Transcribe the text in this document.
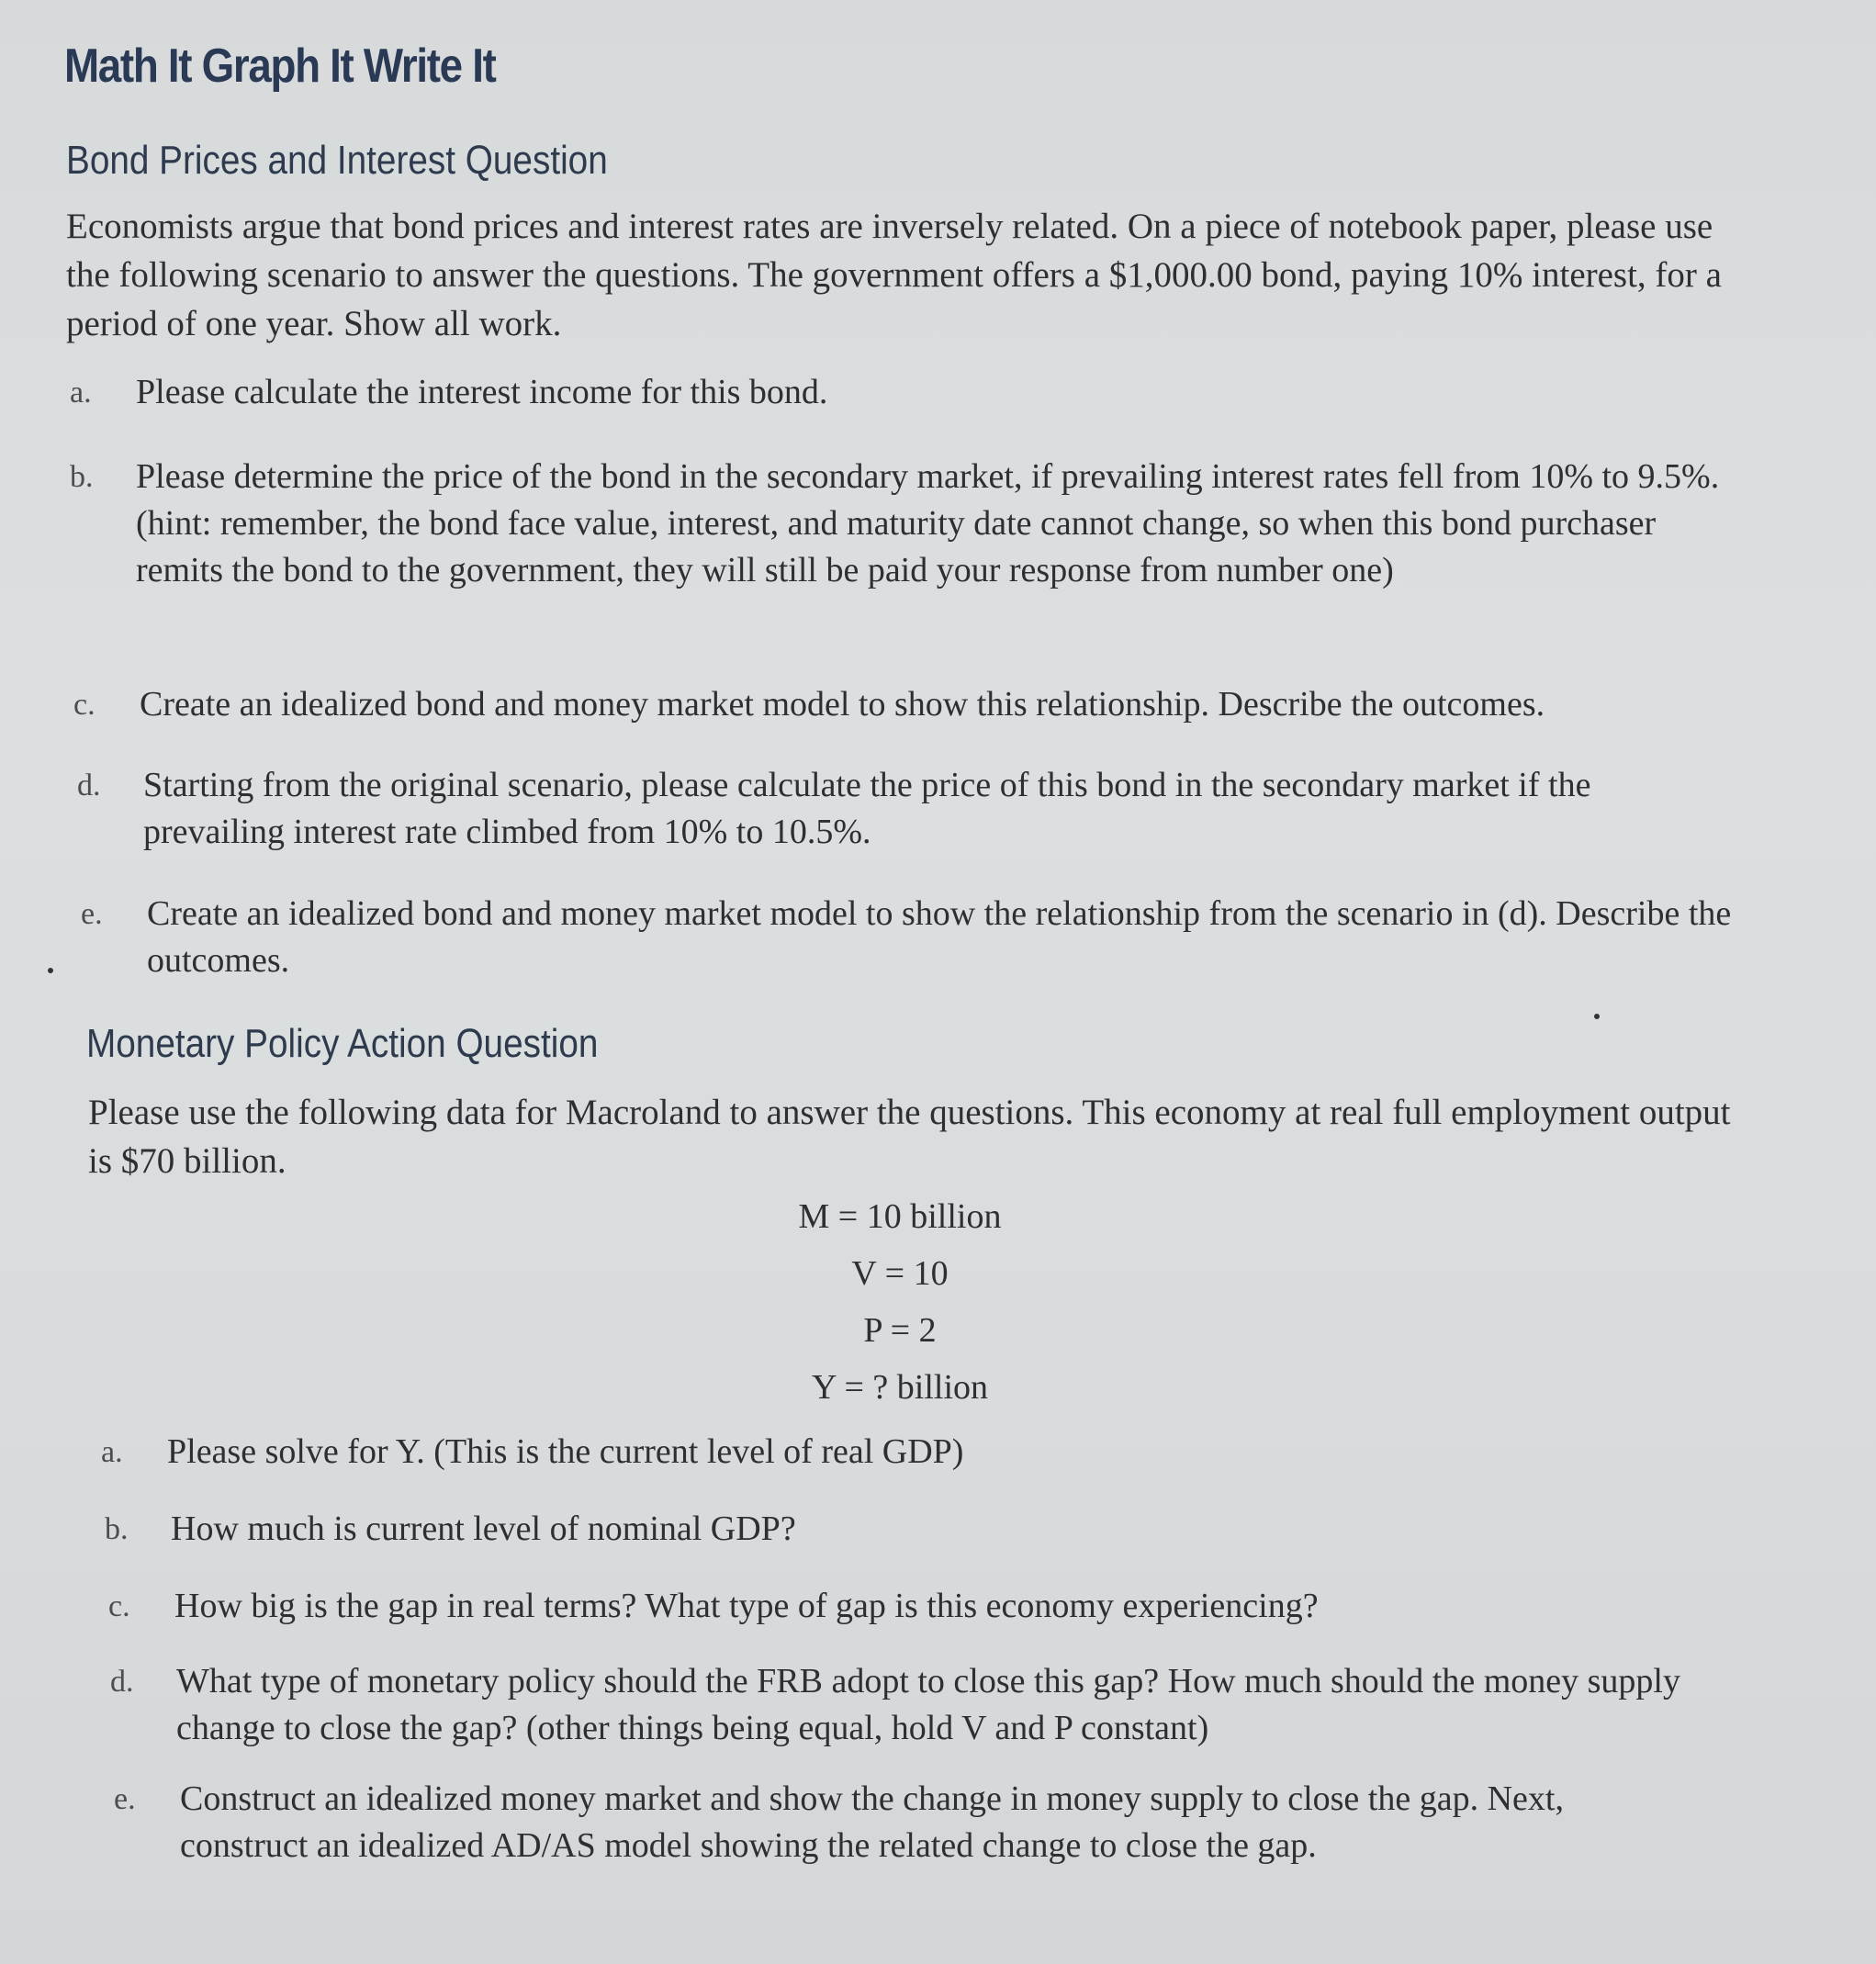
Math It Graph It Write It
Bond Prices and Interest Question

Economists argue that bond prices and interest rates are inversely related. On a piece of notebook paper, please use the following scenario to answer the questions. The government offers a $1,000.00 bond, paying 10% interest, for a period of one year. Show all work.

a.	Please calculate the interest income for this bond.
b.	Please determine the price of the bond in the secondary market, if prevailing interest rates fell from 10% to 9.5%. (hint: remember, the bond face value, interest, and maturity date cannot change, so when this bond purchaser remits the bond to the government, they will still be paid your response from number one)
c.	Create an idealized bond and money market model to show this relationship. Describe the outcomes.
d.	Starting from the original scenario, please calculate the price of this bond in the secondary market if the prevailing interest rate climbed from 10% to 10.5%.
e.	Create an idealized bond and money market model to show the relationship from the scenario in (d). Describe the outcomes.
Monetary Policy Action Question

Please use the following data for Macroland to answer the questions. This economy at real full employment output is $70 billion.

M = 10 billion
V = 10
P = 2
Y = ? billion
a.	Please solve for Y. (This is the current level of real GDP)
b.	How much is current level of nominal GDP?
c.	How big is the gap in real terms? What type of gap is this economy experiencing?
d.	What type of monetary policy should the FRB adopt to close this gap? How much should the money supply change to close the gap? (other things being equal, hold V and P constant)
e.	Construct an idealized money market and show the change in money supply to close the gap. Next, construct an idealized AD/AS model showing the related change to close the gap.
